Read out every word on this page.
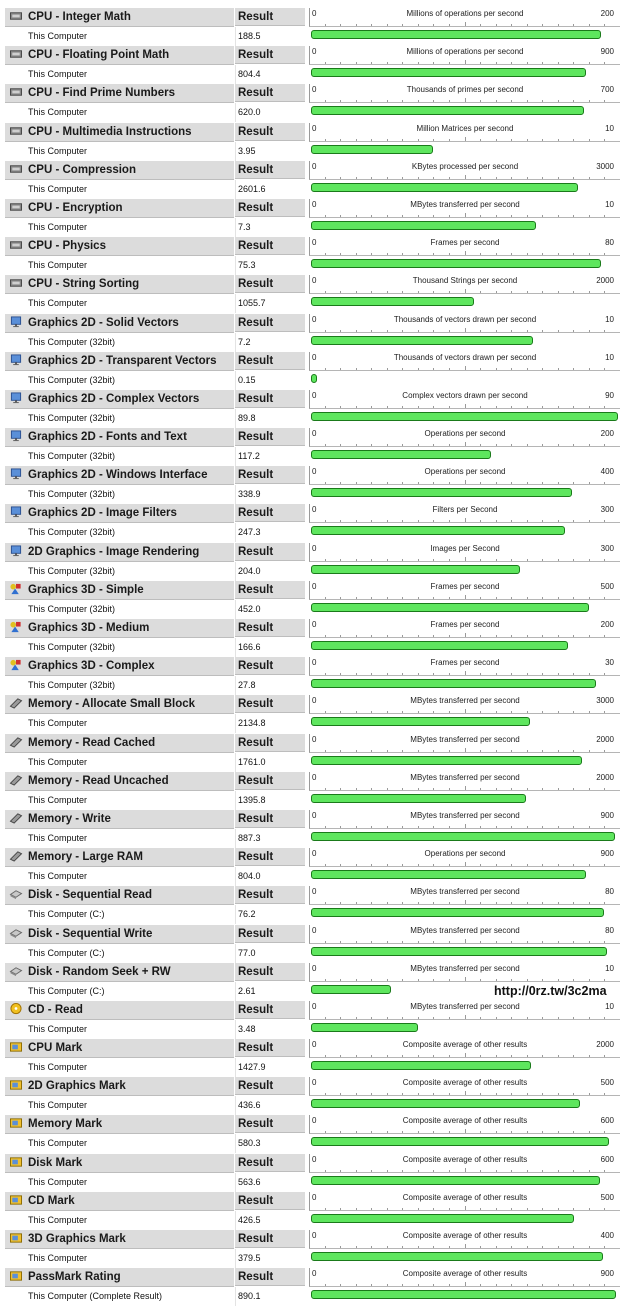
CPU - Integer Math	Result	0	Millions of operations per second	200
This Computer	188.5
CPU - Floating Point Math	Result	0	Millions of operations per second	900
This Computer	804.4
CPU - Find Prime Numbers	Result	0	Thousands of primes per second	700
This Computer	620.0
CPU - Multimedia Instructions	Result	0	Million Matrices per second	10
This Computer	3.95
CPU - Compression	Result	0	KBytes processed per second	3000
This Computer	2601.6
CPU - Encryption	Result	0	MBytes transferred per second	10
This Computer	7.3
CPU - Physics	Result	0	Frames per second	80
This Computer	75.3
CPU - String Sorting	Result	0	Thousand Strings per second	2000
This Computer	1055.7
Graphics 2D - Solid Vectors	Result	0	Thousands of vectors drawn per second	10
This Computer (32bit)	7.2
Graphics 2D - Transparent Vectors	Result	0	Thousands of vectors drawn per second	10
This Computer (32bit)	0.15
Graphics 2D - Complex Vectors	Result	0	Complex vectors drawn per second	90
This Computer (32bit)	89.8
Graphics 2D - Fonts and Text	Result	0	Operations per second	200
This Computer (32bit)	117.2
Graphics 2D - Windows Interface	Result	0	Operations per second	400
This Computer (32bit)	338.9
Graphics 2D - Image Filters	Result	0	Filters per Second	300
This Computer (32bit)	247.3
2D Graphics - Image Rendering	Result	0	Images per Second	300
This Computer (32bit)	204.0
Graphics 3D - Simple	Result	0	Frames per second	500
This Computer (32bit)	452.0
Graphics 3D - Medium	Result	0	Frames per second	200
This Computer (32bit)	166.6
Graphics 3D - Complex	Result	0	Frames per second	30
This Computer (32bit)	27.8
Memory - Allocate Small Block	Result	0	MBytes transferred per second	3000
This Computer	2134.8
Memory - Read Cached	Result	0	MBytes transferred per second	2000
This Computer	1761.0
Memory - Read Uncached	Result	0	MBytes transferred per second	2000
This Computer	1395.8
Memory - Write	Result	0	MBytes transferred per second	900
This Computer	887.3
Memory - Large RAM	Result	0	Operations per second	900
This Computer	804.0
Disk - Sequential Read	Result	0	MBytes transferred per second	80
This Computer (C:)	76.2
Disk - Sequential Write	Result	0	MBytes transferred per second	80
This Computer (C:)	77.0
Disk - Random Seek + RW	Result	0	MBytes transferred per second	10
This Computer (C:)	2.61
CD - Read	Result	0	MBytes transferred per second	10
This Computer	3.48
CPU Mark	Result	0	Composite average of other results	2000
This Computer	1427.9
2D Graphics Mark	Result	0	Composite average of other results	500
This Computer	436.6
Memory Mark	Result	0	Composite average of other results	600
This Computer	580.3
Disk Mark	Result	0	Composite average of other results	600
This Computer	563.6
CD Mark	Result	0	Composite average of other results	500
This Computer	426.5
3D Graphics Mark	Result	0	Composite average of other results	400
This Computer	379.5
PassMark Rating	Result	0	Composite average of other results	900
This Computer (Complete Result)	890.1
http://0rz.tw/3c2ma
